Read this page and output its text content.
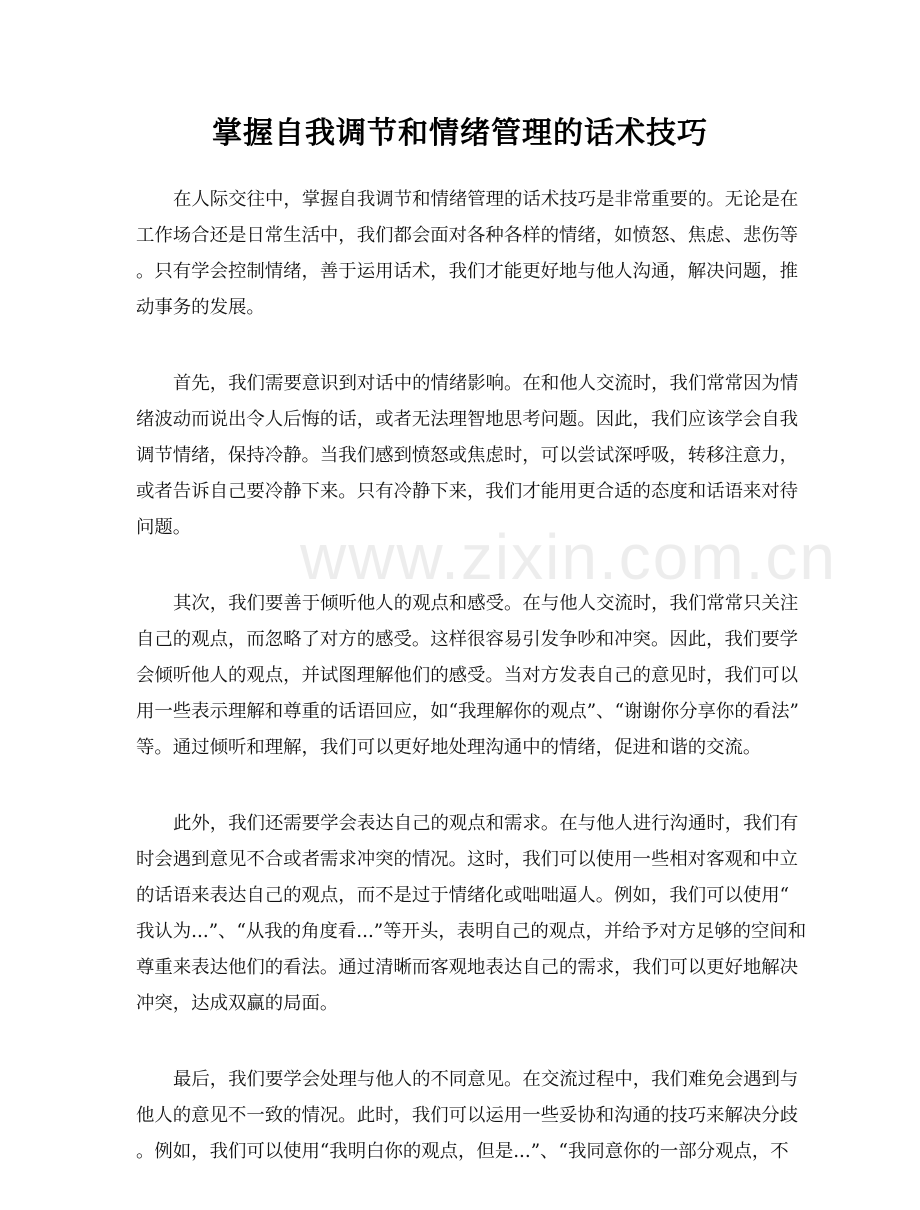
www.zixin.com.cn
掌握自我调节和情绪管理的话术技巧
在人际交往中，掌握自我调节和情绪管理的话术技巧是非常重要的。无论是在
工作场合还是日常生活中，我们都会面对各种各样的情绪，如愤怒、焦虑、悲伤等
。只有学会控制情绪，善于运用话术，我们才能更好地与他人沟通，解决问题，推
动事务的发展。
首先，我们需要意识到对话中的情绪影响。在和他人交流时，我们常常因为情
绪波动而说出令人后悔的话，或者无法理智地思考问题。因此，我们应该学会自我
调节情绪，保持冷静。当我们感到愤怒或焦虑时，可以尝试深呼吸，转移注意力，
或者告诉自己要冷静下来。只有冷静下来，我们才能用更合适的态度和话语来对待
问题。
其次，我们要善于倾听他人的观点和感受。在与他人交流时，我们常常只关注
自己的观点，而忽略了对方的感受。这样很容易引发争吵和冲突。因此，我们要学
会倾听他人的观点，并试图理解他们的感受。当对方发表自己的意见时，我们可以
用一些表示理解和尊重的话语回应，如“我理解你的观点”、“谢谢你分享你的看法”
等。通过倾听和理解，我们可以更好地处理沟通中的情绪，促进和谐的交流。
此外，我们还需要学会表达自己的观点和需求。在与他人进行沟通时，我们有
时会遇到意见不合或者需求冲突的情况。这时，我们可以使用一些相对客观和中立
的话语来表达自己的观点，而不是过于情绪化或咄咄逼人。例如，我们可以使用“
我认为...”、“从我的角度看...”等开头，表明自己的观点，并给予对方足够的空间和
尊重来表达他们的看法。通过清晰而客观地表达自己的需求，我们可以更好地解决
冲突，达成双赢的局面。
最后，我们要学会处理与他人的不同意见。在交流过程中，我们难免会遇到与
他人的意见不一致的情况。此时，我们可以运用一些妥协和沟通的技巧来解决分歧
。例如，我们可以使用“我明白你的观点，但是...”、“我同意你的一部分观点，不
